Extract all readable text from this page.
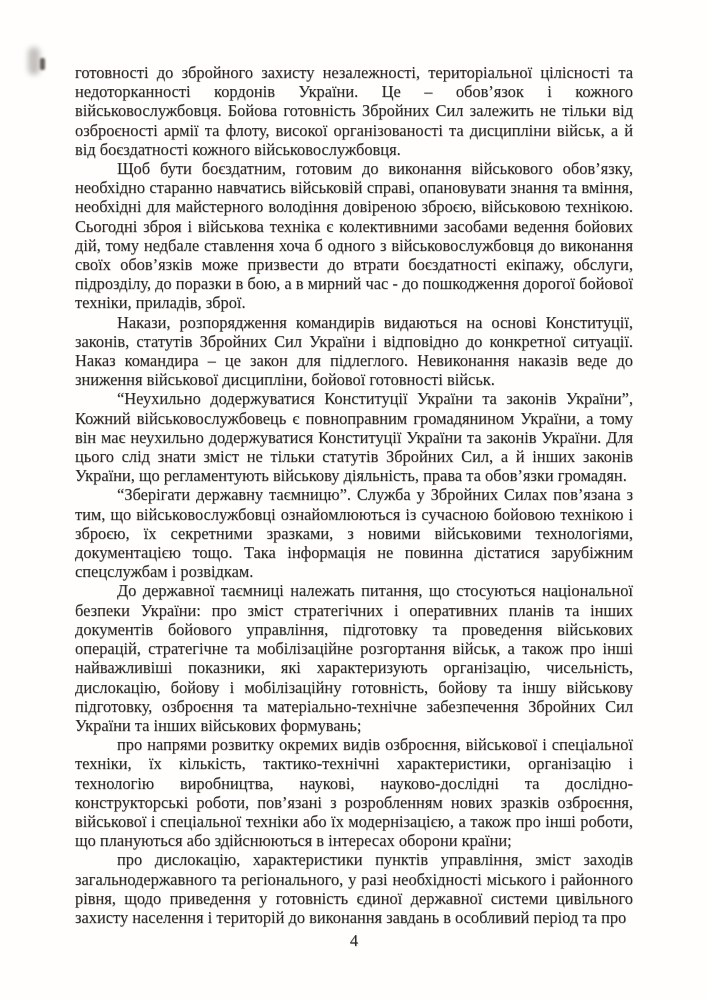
готовності до збройного захисту незалежності, територіальної цілісності та недоторканності кордонів України. Це – обов’язок і кожного військовослужбовця. Бойова готовність Збройних Сил залежить не тільки від озброєності армії та флоту, високої організованості та дисципліни військ, а й від боєздатності кожного військовослужбовця.

Щоб бути боєздатним, готовим до виконання військового обов’язку, необхідно старанно навчатись військовій справі, опановувати знання та вміння, необхідні для майстерного володіння довіреною зброєю, військовою технікою. Сьогодні зброя і військова техніка є колективними засобами ведення бойових дій, тому недбале ставлення хоча б одного з військовослужбовця до виконання своїх обов’язків може призвести до втрати боєздатності екіпажу, обслуги, підрозділу, до поразки в бою, а в мирний час - до пошкодження дорогої бойової техніки, приладів, зброї.

Накази, розпорядження командирів видаються на основі Конституції, законів, статутів Збройних Сил України і відповідно до конкретної ситуації. Наказ командира – це закон для підлеглого. Невиконання наказів веде до зниження військової дисципліни, бойової готовності військ.

“Неухильно додержуватися Конституції України та законів України”, Кожний військовослужбовець є повноправним громадянином України, а тому він має неухильно додержуватися Конституції України та законів України. Для цього слід знати зміст не тільки статутів Збройних Сил, а й інших законів України, що регламентують військову діяльність, права та обов’язки громадян.

“Зберігати державну таємницю”. Служба у Збройних Силах пов’язана з тим, що військовослужбовці ознайомлюються із сучасною бойовою технікою і зброєю, їх секретними зразками, з новими військовими технологіями, документацією тощо. Така інформація не повинна дістатися зарубіжним спецслужбам і розвідкам.

До державної таємниці належать питання, що стосуються національної безпеки України: про зміст стратегічних і оперативних планів та інших документів бойового управління, підготовку та проведення військових операцій, стратегічне та мобілізаційне розгортання військ, а також про інші найважливіші показники, які характеризують організацію, чисельність, дислокацію, бойову і мобілізаційну готовність, бойову та іншу військову підготовку, озброєння та матеріально-технічне забезпечення Збройних Сил України та інших військових формувань;

про напрями розвитку окремих видів озброєння, військової і спеціальної техніки, їх кількість, тактико-технічні характеристики, організацію і технологію виробництва, наукові, науково-дослідні та дослідно-конструкторські роботи, пов’язані з розробленням нових зразків озброєння, військової і спеціальної техніки або їх модернізацією, а також про інші роботи, що плануються або здійснюються в інтересах оборони країни;

про дислокацію, характеристики пунктів управління, зміст заходів загальнодержавного та регіонального, у разі необхідності міського і районного рівня, щодо приведення у готовність єдиної державної системи цивільного захисту населення і територій до виконання завдань в особливий період та про

4
